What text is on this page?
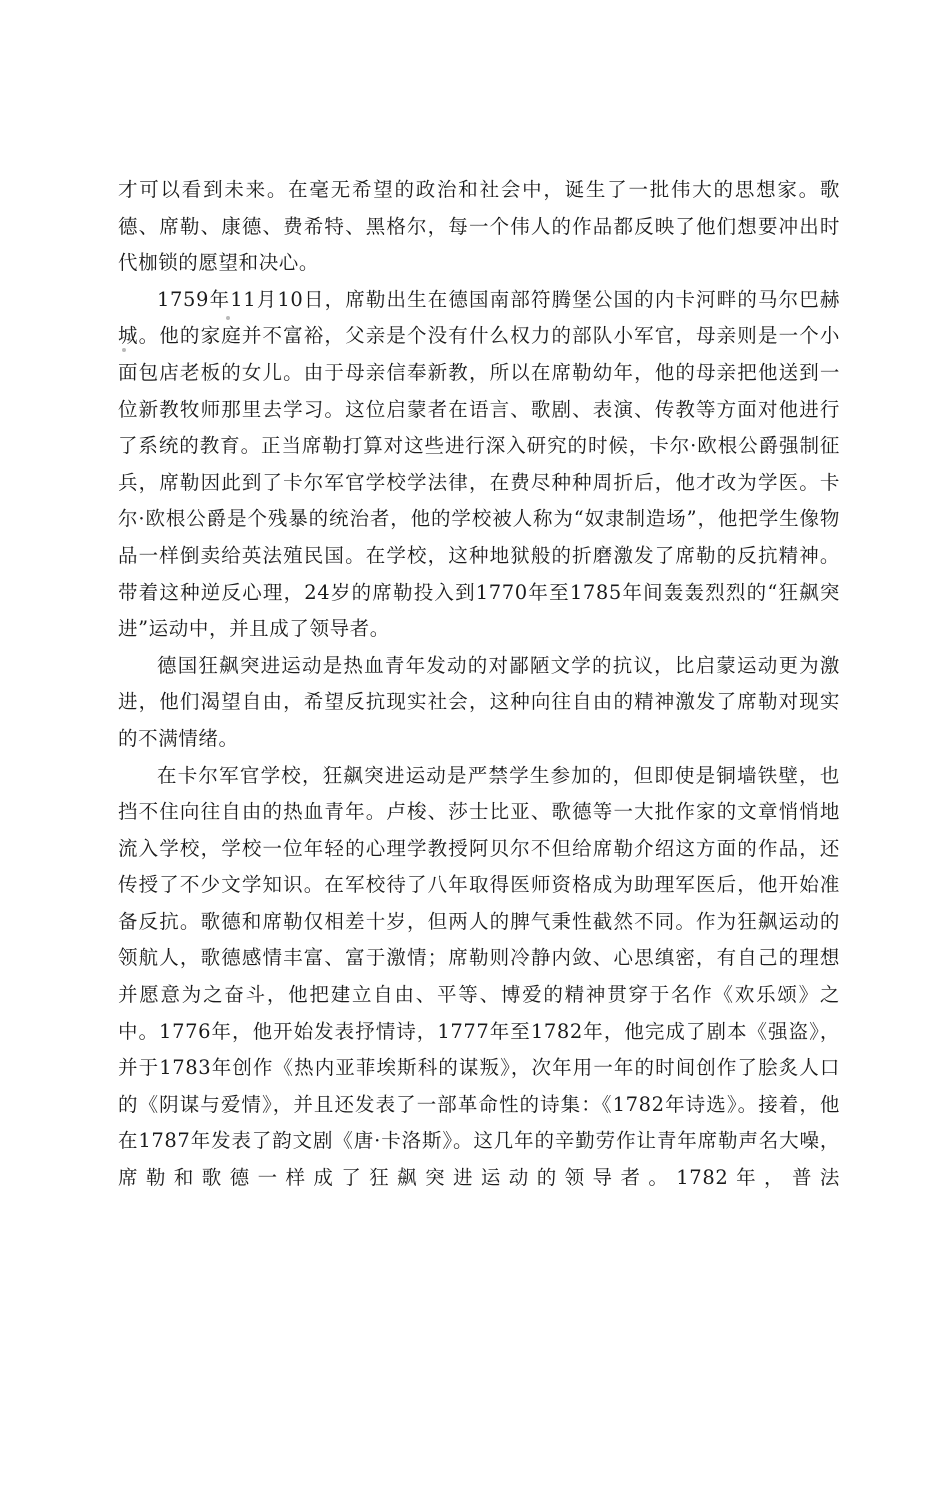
才可以看到未来。在毫无希望的政治和社会中，诞生了一批伟大的思想家。歌德、席勒、康德、费希特、黑格尔，每一个伟人的作品都反映了他们想要冲出时代枷锁的愿望和决心。

1759年11月10日，席勒出生在德国南部符腾堡公国的内卡河畔的马尔巴赫城。他的家庭并不富裕，父亲是个没有什么权力的部队小军官，母亲则是一个小面包店老板的女儿。由于母亲信奉新教，所以在席勒幼年，他的母亲把他送到一位新教牧师那里去学习。这位启蒙者在语言、歌剧、表演、传教等方面对他进行了系统的教育。正当席勒打算对这些进行深入研究的时候，卡尔·欧根公爵强制征兵，席勒因此到了卡尔军官学校学法律，在费尽种种周折后，他才改为学医。卡尔·欧根公爵是个残暴的统治者，他的学校被人称为“奴隶制造场”，他把学生像物品一样倒卖给英法殖民国。在学校，这种地狱般的折磨激发了席勒的反抗精神。带着这种逆反心理，24岁的席勒投入到1770年至1785年间轰轰烈烈的“狂飙突进”运动中，并且成了领导者。

德国狂飙突进运动是热血青年发动的对鄙陋文学的抗议，比启蒙运动更为激进，他们渴望自由，希望反抗现实社会，这种向往自由的精神激发了席勒对现实的不满情绪。

在卡尔军官学校，狂飙突进运动是严禁学生参加的，但即使是铜墙铁壁，也挡不住向往自由的热血青年。卢梭、莎士比亚、歌德等一大批作家的文章悄悄地流入学校，学校一位年轻的心理学教授阿贝尔不但给席勒介绍这方面的作品，还传授了不少文学知识。在军校待了八年取得医师资格成为助理军医后，他开始准备反抗。歌德和席勒仅相差十岁，但两人的脾气秉性截然不同。作为狂飙运动的领航人，歌德感情丰富、富于激情；席勒则冷静内敛、心思缜密，有自己的理想并愿意为之奋斗，他把建立自由、平等、博爱的精神贯穿于名作《欢乐颂》之中。1776年，他开始发表抒情诗，1777年至1782年，他完成了剧本《强盗》，并于1783年创作《热内亚菲埃斯科的谋叛》，次年用一年的时间创作了脍炙人口的《阴谋与爱情》，并且还发表了一部革命性的诗集：《1782年诗选》。接着，他在1787年发表了韵文剧《唐·卡洛斯》。这几年的辛勤劳作让青年席勒声名大噪，席勒和歌德一样成了狂飙突进运动的领导者。1782年，普法
